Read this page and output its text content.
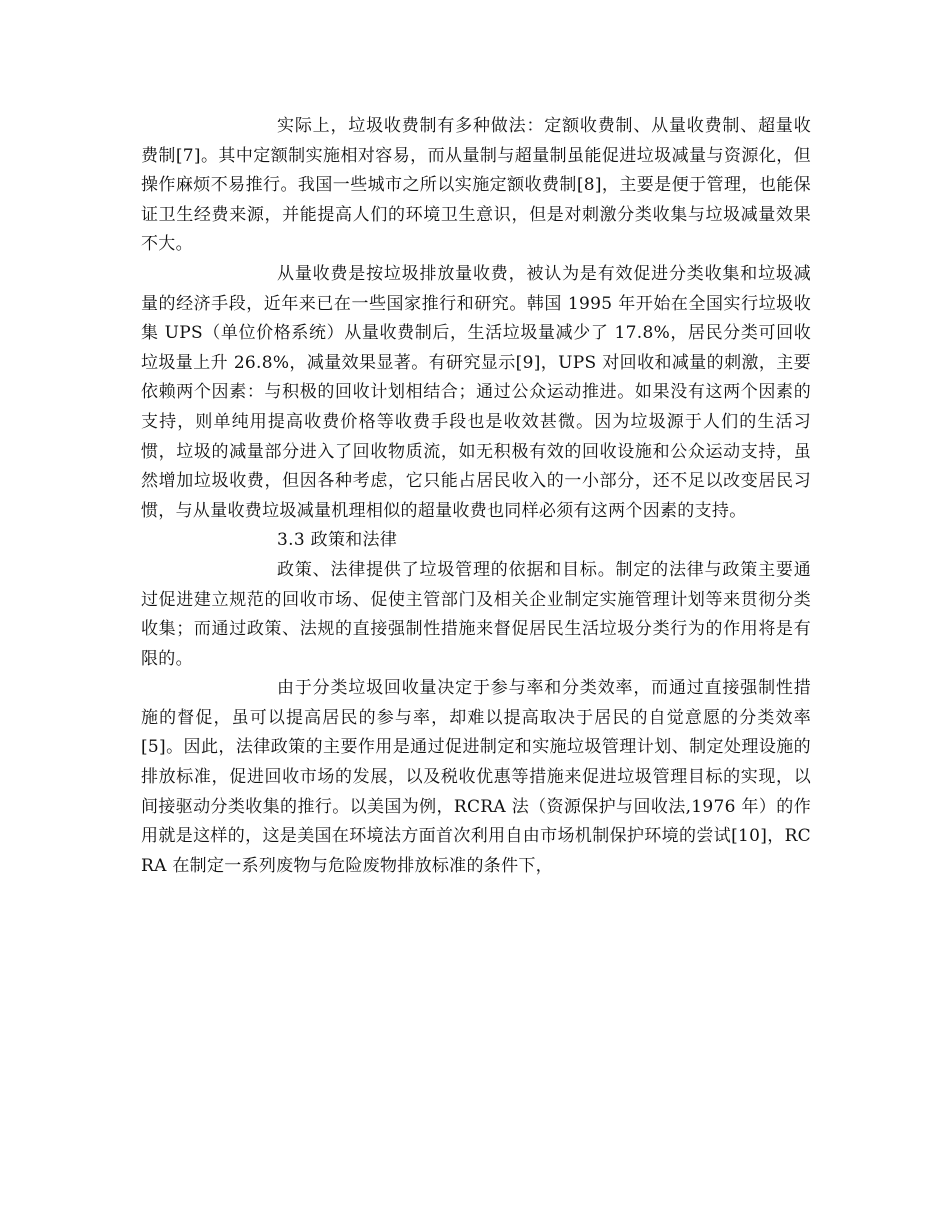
实际上，垃圾收费制有多种做法：定额收费制、从量收费制、超量收费制[7]。其中定额制实施相对容易，而从量制与超量制虽能促进垃圾减量与资源化，但操作麻烦不易推行。我国一些城市之所以实施定额收费制[8]，主要是便于管理，也能保证卫生经费来源，并能提高人们的环境卫生意识，但是对刺激分类收集与垃圾减量效果不大。

从量收费是按垃圾排放量收费，被认为是有效促进分类收集和垃圾减量的经济手段，近年来已在一些国家推行和研究。韩国 1995 年开始在全国实行垃圾收集 UPS（单位价格系统）从量收费制后，生活垃圾量减少了 17.8%，居民分类可回收垃圾量上升 26.8%，减量效果显著。有研究显示[9]，UPS 对回收和减量的刺激，主要依赖两个因素：与积极的回收计划相结合；通过公众运动推进。如果没有这两个因素的支持，则单纯用提高收费价格等收费手段也是收效甚微。因为垃圾源于人们的生活习惯，垃圾的减量部分进入了回收物质流，如无积极有效的回收设施和公众运动支持，虽然增加垃圾收费，但因各种考虑，它只能占居民收入的一小部分，还不足以改变居民习惯，与从量收费垃圾减量机理相似的超量收费也同样必须有这两个因素的支持。

3.3 政策和法律

政策、法律提供了垃圾管理的依据和目标。制定的法律与政策主要通过促进建立规范的回收市场、促使主管部门及相关企业制定实施管理计划等来贯彻分类收集；而通过政策、法规的直接强制性措施来督促居民生活垃圾分类行为的作用将是有限的。

由于分类垃圾回收量决定于参与率和分类效率，而通过直接强制性措施的督促，虽可以提高居民的参与率，却难以提高取决于居民的自觉意愿的分类效率[5]。因此，法律政策的主要作用是通过促进制定和实施垃圾管理计划、制定处理设施的排放标准，促进回收市场的发展，以及税收优惠等措施来促进垃圾管理目标的实现，以间接驱动分类收集的推行。以美国为例，RCRA 法（资源保护与回收法,1976 年）的作用就是这样的，这是美国在环境法方面首次利用自由市场机制保护环境的尝试[10]，RCRA 在制定一系列废物与危险废物排放标准的条件下，
